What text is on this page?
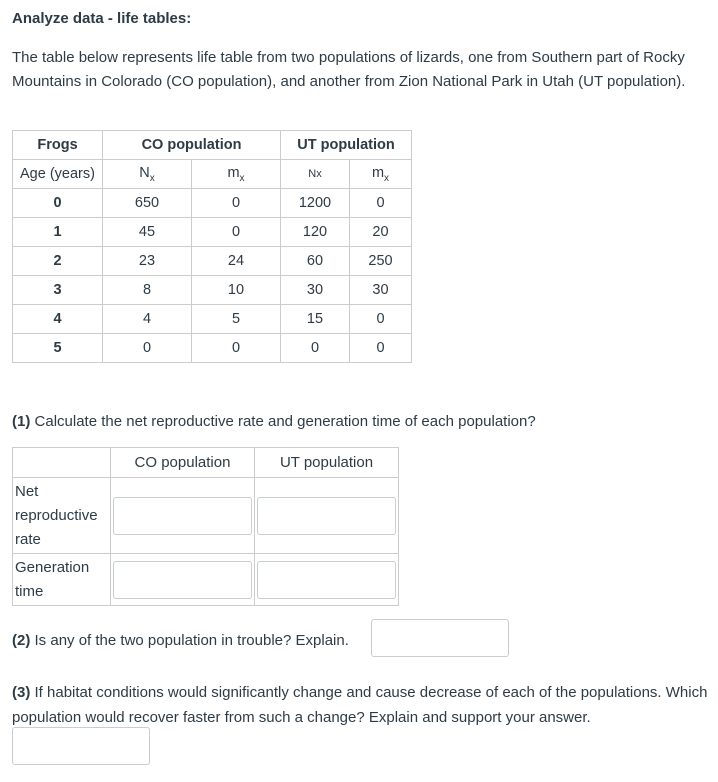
Analyze data - life tables:
The table below represents life table from two populations of lizards, one from Southern part of Rocky Mountains in Colorado (CO population), and another from Zion National Park in Utah (UT population).
Frogs	CO population		UT population	
Age (years)	$N_x$	$m_x$	Nx	$m_x$
0	650	0	1200	0
1	45	0	120	20
2	23	24	60	250
3	8	10	30	30
4	4	5	15	0
5	0	0	0	0
(1) Calculate the net reproductive rate and generation time of each population?
	CO population	UT population
Net reproductive rate		
Generation time		
(2) Is any of the two population in trouble? Explain.
(3) If habitat conditions would significantly change and cause decrease of each of the populations. Which population would recover faster from such a change? Explain and support your answer.
